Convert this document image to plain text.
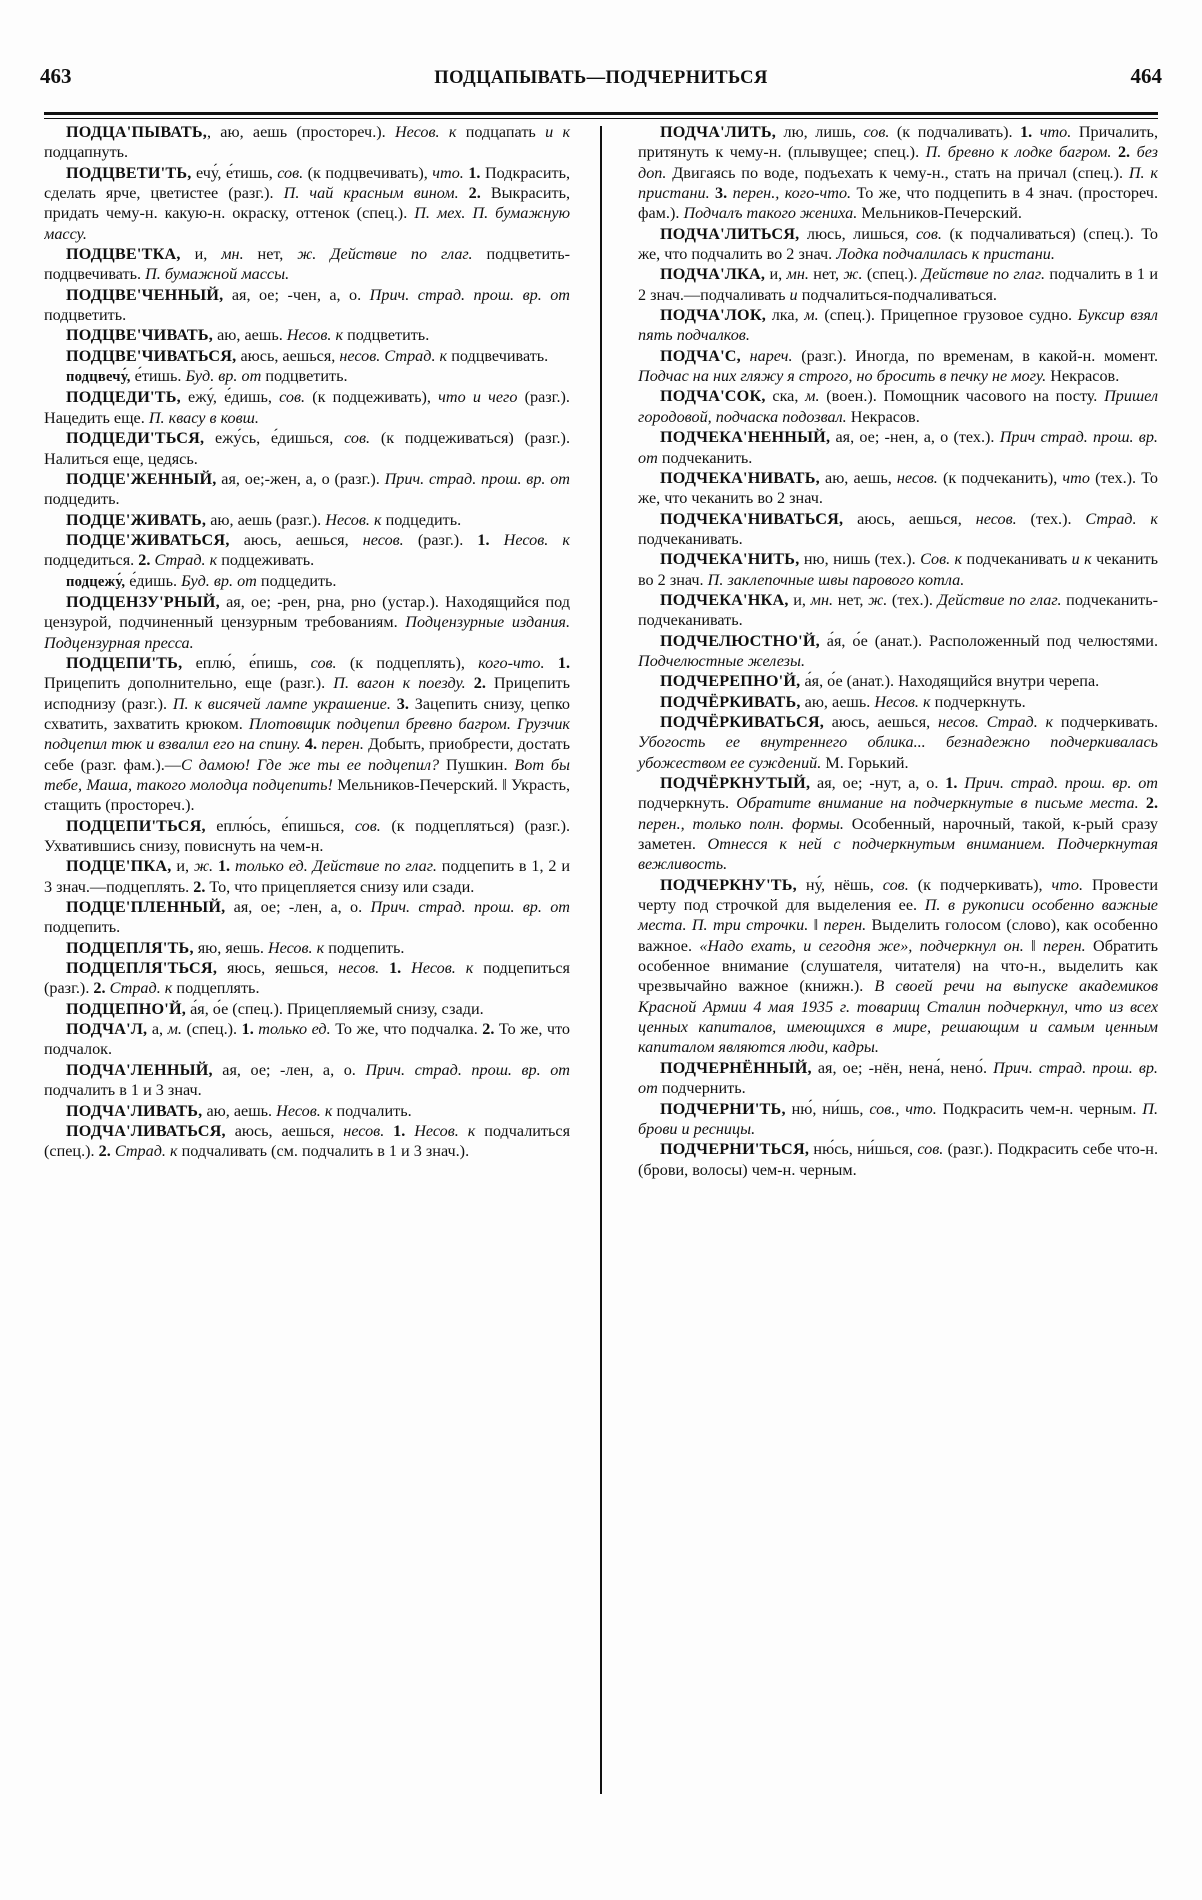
463	ПОДЦАПЫВАТЬ—ПОДЧЕРНИТЬСЯ	464

ПОДЦА'ПЫВАТЬ,, аю, аешь (простореч.). Несов. к подцапать и к подцапнуть.

ПОДЦВЕТИ'ТЬ, ечу́, е́тишь, сов. (к подцвечивать), что. 1. Подкрасить, сделать ярче, цветистее (разг.). П. чай красным вином. 2. Выкрасить, придать чему-н. какую-н. окраску, оттенок (спец.). П. мех. П. бумажную массу.

ПОДЦВЕ'ТКА, и, мн. нет, ж. Действие по глаг. подцветить-подцвечивать. П. бумажной массы.

ПОДЦВЕ'ЧЕННЫЙ, ая, ое; -чен, а, о. Прич. страд. прош. вр. от подцветить.

ПОДЦВЕ'ЧИВАТЬ, аю, аешь. Несов. к подцветить.

ПОДЦВЕ'ЧИВАТЬСЯ, аюсь, аешься, несов. Страд. к подцвечивать.

подцвечу́, е́тишь. Буд. вр. от подцветить.

ПОДЦЕДИ'ТЬ, ежу́, е́дишь, сов. (к подцеживать), что и чего (разг.). Нацедить еще. П. квасу в ковш.

ПОДЦЕДИ'ТЬСЯ, ежу́сь, е́дишься, сов. (к подцеживаться) (разг.). Налиться еще, цедясь.

ПОДЦЕ'ЖЕННЫЙ, ая, ое;-жен, а, о (разг.). Прич. страд. прош. вр. от подцедить.

ПОДЦЕ'ЖИВАТЬ, аю, аешь (разг.). Несов. к подцедить.

ПОДЦЕ'ЖИВАТЬСЯ, аюсь, аешься, несов. (разг.). 1. Несов. к подцедиться. 2. Страд. к подцеживать.

подцежу́, е́дишь. Буд. вр. от подцедить.

ПОДЦЕНЗУ'РНЫЙ, ая, ое; -рен, рна, рно (устар.). Находящийся под цензурой, подчиненный цензурным требованиям. Подцензурные издания. Подцензурная пресса.

ПОДЦЕПИ'ТЬ, еплю́, е́пишь, сов. (к подцеплять), кого-что. 1. Прицепить дополнительно, еще (разг.). П. вагон к поезду. 2. Прицепить исподнизу (разг.). П. к висячей лампе украшение. 3. Зацепить снизу, цепко схватить, захватить крюком. Плотовщик подцепил бревно багром. Грузчик подцепил тюк и взвалил его на спину. 4. перен. Добыть, приобрести, достать себе (разг. фам.).—С дамою! Где же ты ее подцепил? Пушкин. Вот бы тебе, Маша, такого молодца подцепить! Мельников-Печерский. ‖ Украсть, стащить (простореч.).

ПОДЦЕПИ'ТЬСЯ, еплю́сь, е́пишься, сов. (к подцепляться) (разг.). Ухватившись снизу, повиснуть на чем-н.

ПОДЦЕ'ПКА, и, ж. 1. только ед. Действие по глаг. подцепить в 1, 2 и 3 знач.—подцеплять. 2. То, что прицепляется снизу или сзади.

ПОДЦЕ'ПЛЕННЫЙ, ая, ое; -лен, а, о. Прич. страд. прош. вр. от подцепить.

ПОДЦЕПЛЯ'ТЬ, яю, яешь. Несов. к подцепить.

ПОДЦЕПЛЯ'ТЬСЯ, яюсь, яешься, несов. 1. Несов. к подцепиться (разг.). 2. Страд. к подцеплять.

ПОДЦЕПНО'Й, а́я, о́е (спец.). Прицепляемый снизу, сзади.

ПОДЧА'Л, а, м. (спец.). 1. только ед. То же, что подчалка. 2. То же, что подчалок.

ПОДЧА'ЛЕННЫЙ, ая, ое; -лен, а, о. Прич. страд. прош. вр. от подчалить в 1 и 3 знач.

ПОДЧА'ЛИВАТЬ, аю, аешь. Несов. к подчалить.

ПОДЧА'ЛИВАТЬСЯ, аюсь, аешься, несов. 1. Несов. к подчалиться (спец.). 2. Страд. к подчаливать (см. подчалить в 1 и 3 знач.).

ПОДЧА'ЛИТЬ, лю, лишь, сов. (к подчаливать). 1. что. Причалить, притянуть к чему-н. (плывущее; спец.). П. бревно к лодке багром. 2. без доп. Двигаясь по воде, подъехать к чему-н., стать на причал (спец.). П. к пристани. 3. перен., кого-что. То же, что подцепить в 4 знач. (простореч. фам.). Подчалъ такого жениха. Мельников-Печерский.

ПОДЧА'ЛИТЬСЯ, люсь, лишься, сов. (к подчаливаться) (спец.). То же, что подчалить во 2 знач. Лодка подчалилась к пристани.

ПОДЧА'ЛКА, и, мн. нет, ж. (спец.). Действие по глаг. подчалить в 1 и 2 знач.—подчаливать и подчалиться-подчаливаться.

ПОДЧА'ЛОК, лка, м. (спец.). Прицепное грузовое судно. Буксир взял пять подчалков.

ПОДЧА'С, нареч. (разг.). Иногда, по временам, в какой-н. момент. Подчас на них гляжу я строго, но бросить в печку не могу. Некрасов.

ПОДЧА'СОК, ска, м. (воен.). Помощник часового на посту. Пришел городовой, подчаска подозвал. Некрасов.

ПОДЧЕКА'НЕННЫЙ, ая, ое; -нен, а, о (тех.). Прич страд. прош. вр. от подчеканить.

ПОДЧЕКА'НИВАТЬ, аю, аешь, несов. (к подчеканить), что (тех.). То же, что чеканить во 2 знач.

ПОДЧЕКА'НИВАТЬСЯ, аюсь, аешься, несов. (тех.). Страд. к подчеканивать.

ПОДЧЕКА'НИТЬ, ню, нишь (тех.). Сов. к подчеканивать и к чеканить во 2 знач. П. заклепочные швы парового котла.

ПОДЧЕКА'НКА, и, мн. нет, ж. (тех.). Действие по глаг. подчеканить-подчеканивать.

ПОДЧЕЛЮСТНО'Й, а́я, о́е (анат.). Расположенный под челюстями. Подчелюстные железы.

ПОДЧЕРЕПНО'Й, а́я, о́е (анат.). Находящийся внутри черепа.

ПОДЧЁРКИВАТЬ, аю, аешь. Несов. к подчеркнуть.

ПОДЧЁРКИВАТЬСЯ, аюсь, аешься, несов. Страд. к подчеркивать. Убогость ее внутреннего облика... безнадежно подчеркивалась убожеством ее суждений. М. Горький.

ПОДЧЁРКНУТЫЙ, ая, ое; -нут, а, о. 1. Прич. страд. прош. вр. от подчеркнуть. Обратите внимание на подчеркнутые в письме места. 2. перен., только полн. формы. Особенный, нарочный, такой, к-рый сразу заметен. Отнесся к ней с подчеркнутым вниманием. Подчеркнутая вежливость.

ПОДЧЕРКНУ'ТЬ, ну́, нёшь, сов. (к подчеркивать), что. Провести черту под строчкой для выделения ее. П. в рукописи особенно важные места. П. три строчки. ‖ перен. Выделить голосом (слово), как особенно важное. «Надо ехать, и сегодня же», подчеркнул он. ‖ перен. Обратить особенное внимание (слушателя, читателя) на что-н., выделить как чрезвычайно важное (книжн.). В своей речи на выпуске академиков Красной Армии 4 мая 1935 г. товарищ Сталин подчеркнул, что из всех ценных капиталов, имеющихся в мире, решающим и самым ценным капиталом являются люди, кадры.

ПОДЧЕРНЁННЫЙ, ая, ое; -нён, нена́, нено́. Прич. страд. прош. вр. от подчернить.

ПОДЧЕРНИ'ТЬ, ню́, ни́шь, сов., что. Подкрасить чем-н. черным. П. брови и ресницы.

ПОДЧЕРНИ'ТЬСЯ, ню́сь, ни́шься, сов. (разг.). Подкрасить себе что-н. (брови, волосы) чем-н. черным.
